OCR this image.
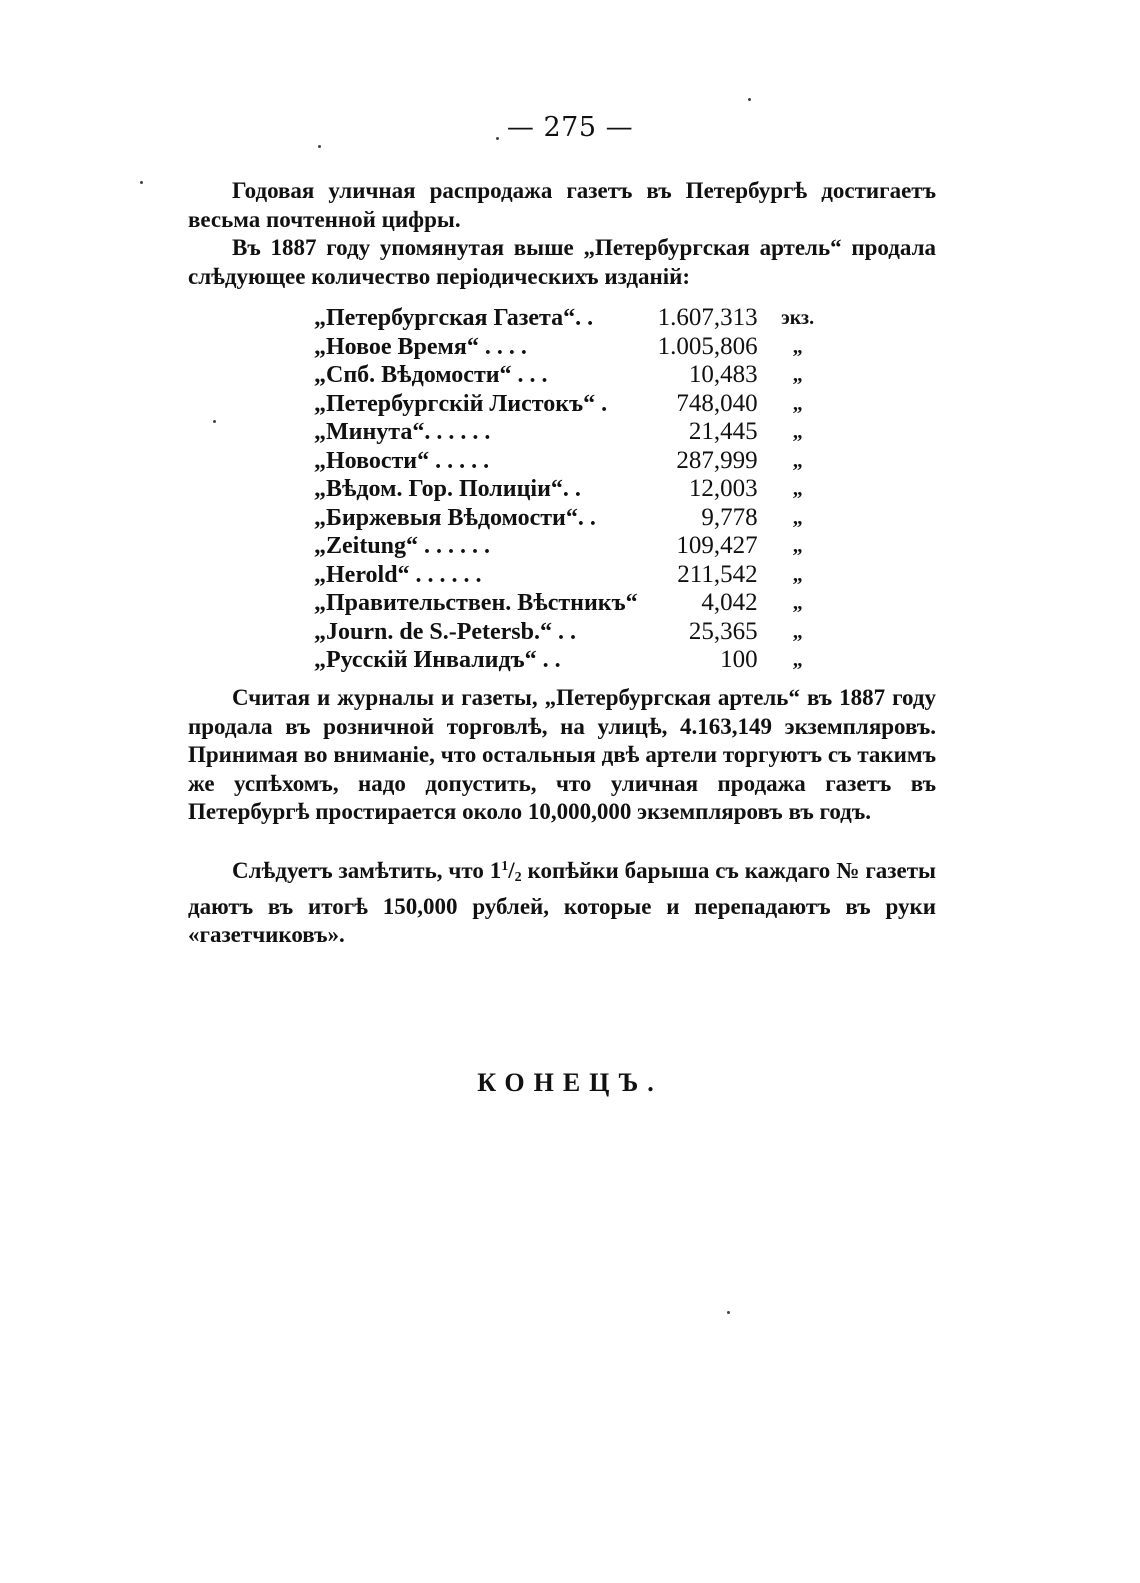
— 275 —

Годовая уличная распродажа газетъ въ Петербургѣ достигаетъ весьма почтенной цифры.

Въ 1887 году упомянутая выше „Петербургская артель“ продала слѣдующее количество періодическихъ изданій:

„Петербургская Газета“. .	1.607,313	экз.
„Новое Время“ . . . .	1.005,806	„
„Спб. Вѣдомости“ . . .	10,483	„
„Петербургскій Листокъ“ .	748,040	„
„Минута“. . . . . .	21,445	„
„Новости“ . . . . .	287,999	„
„Вѣдом. Гор. Полиціи“. .	12,003	„
„Биржевыя Вѣдомости“. .	9,778	„
„Zeitung“ . . . . . .	109,427	„
„Herold“ . . . . . .	211,542	„
„Правительствен. Вѣстникъ“	4,042	„
„Journ. de S.-Petersb.“ . .	25,365	„
„Русскій Инвалидъ“ . .	100	„

Считая и журналы и газеты, „Петербургская артель“ въ 1887 году продала въ розничной торговлѣ, на улицѣ, 4.163,149 экземпляровъ. Принимая во вниманіе, что остальныя двѣ артели торгуютъ съ такимъ же успѣхомъ, надо допустить, что уличная продажа газетъ въ Петербургѣ простирается около 10,000,000 экземпляровъ въ годъ.

Слѣдуетъ замѣтить, что $1^1/_2$ копѣйки барыша съ каждаго № газеты даютъ въ итогѣ 150,000 рублей, которые и перепадаютъ въ руки «газетчиковъ».

КОНЕЦЪ.
